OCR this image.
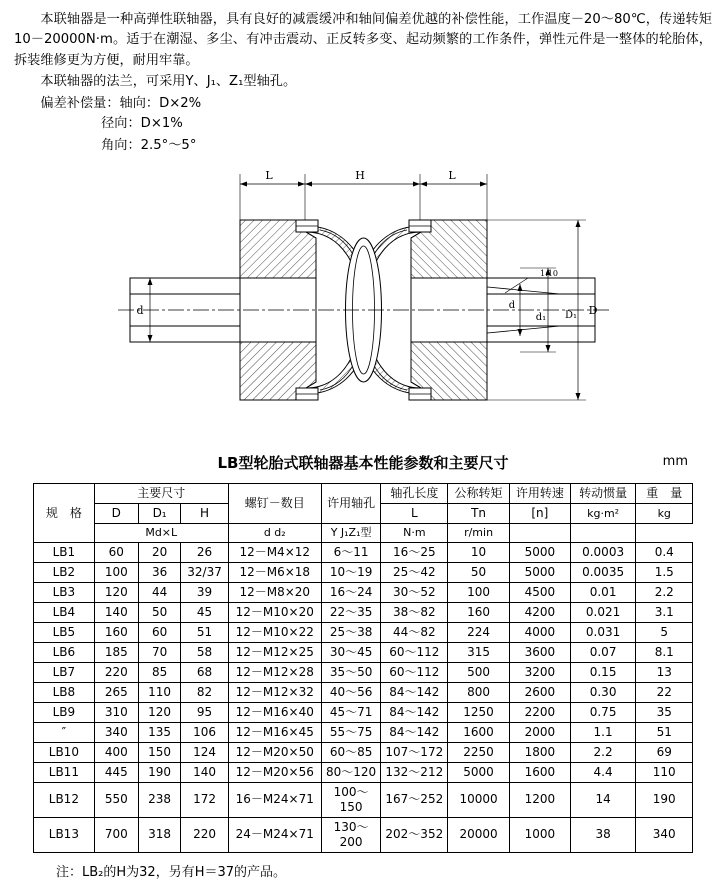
本联轴器是一种高弹性联轴器，具有良好的减震缓冲和轴间偏差优越的补偿性能，工作温度－20～80℃，传递转矩10－20000N·m。适于在潮湿、多尘、有冲击震动、正反转多变、起动频繁的工作条件，弹性元件是一整体的轮胎体，拆装维修更为方便，耐用牢靠。

本联轴器的法兰，可采用Y、J₁、Z₁型轴孔。

偏差补偿量：轴向：D×2%

径向：D×1%

角向：2.5°～5°

L	H	L
d	d
d₁ D₁ D
1:10
LB型轮胎式联轴器基本性能参数和主要尺寸	mm
规　格	主要尺寸			螺钉－数目	许用轴孔	轴孔长度	公称转矩	许用转速	转动惯量	重　量
	D	D₁	H			L	Tn	[n]	kg·m²	kg
	Md×L			d d₂	Y J₁Z₁型	N·m	r/min			
LB1	60	20	26	12－M4×12	6～11	16～25	10	5000	0.0003	0.4
LB2	100	36	32/37	12－M6×18	10～19	25～42	50	5000	0.0035	1.5
LB3	120	44	39	12－M8×20	16～24	30～52	100	4500	0.01	2.2
LB4	140	50	45	12－M10×20	22～35	38～82	160	4200	0.021	3.1
LB5	160	60	51	12－M10×22	25～38	44～82	224	4000	0.031	5
LB6	185	70	58	12－M12×25	30～45	60～112	315	3600	0.07	8.1
LB7	220	85	68	12－M12×28	35～50	60～112	500	3200	0.15	13
LB8	265	110	82	12－M12×32	40～56	84～142	800	2600	0.30	22
LB9	310	120	95	12－M16×40	45～71	84～142	1250	2200	0.75	35
″	340	135	106	12－M16×45	55～75	84～142	1600	2000	1.1	51
LB10	400	150	124	12－M20×50	60～85	107～172	2250	1800	2.2	69
LB11	445	190	140	12－M20×56	80～120	132～212	5000	1600	4.4	110
LB12	550	238	172	16－M24×71	100～150	167～252	10000	1200	14	190
LB13	700	318	220	24－M24×71	130～200	202～352	20000	1000	38	340
注：LB₂的H为32，另有H＝37的产品。
